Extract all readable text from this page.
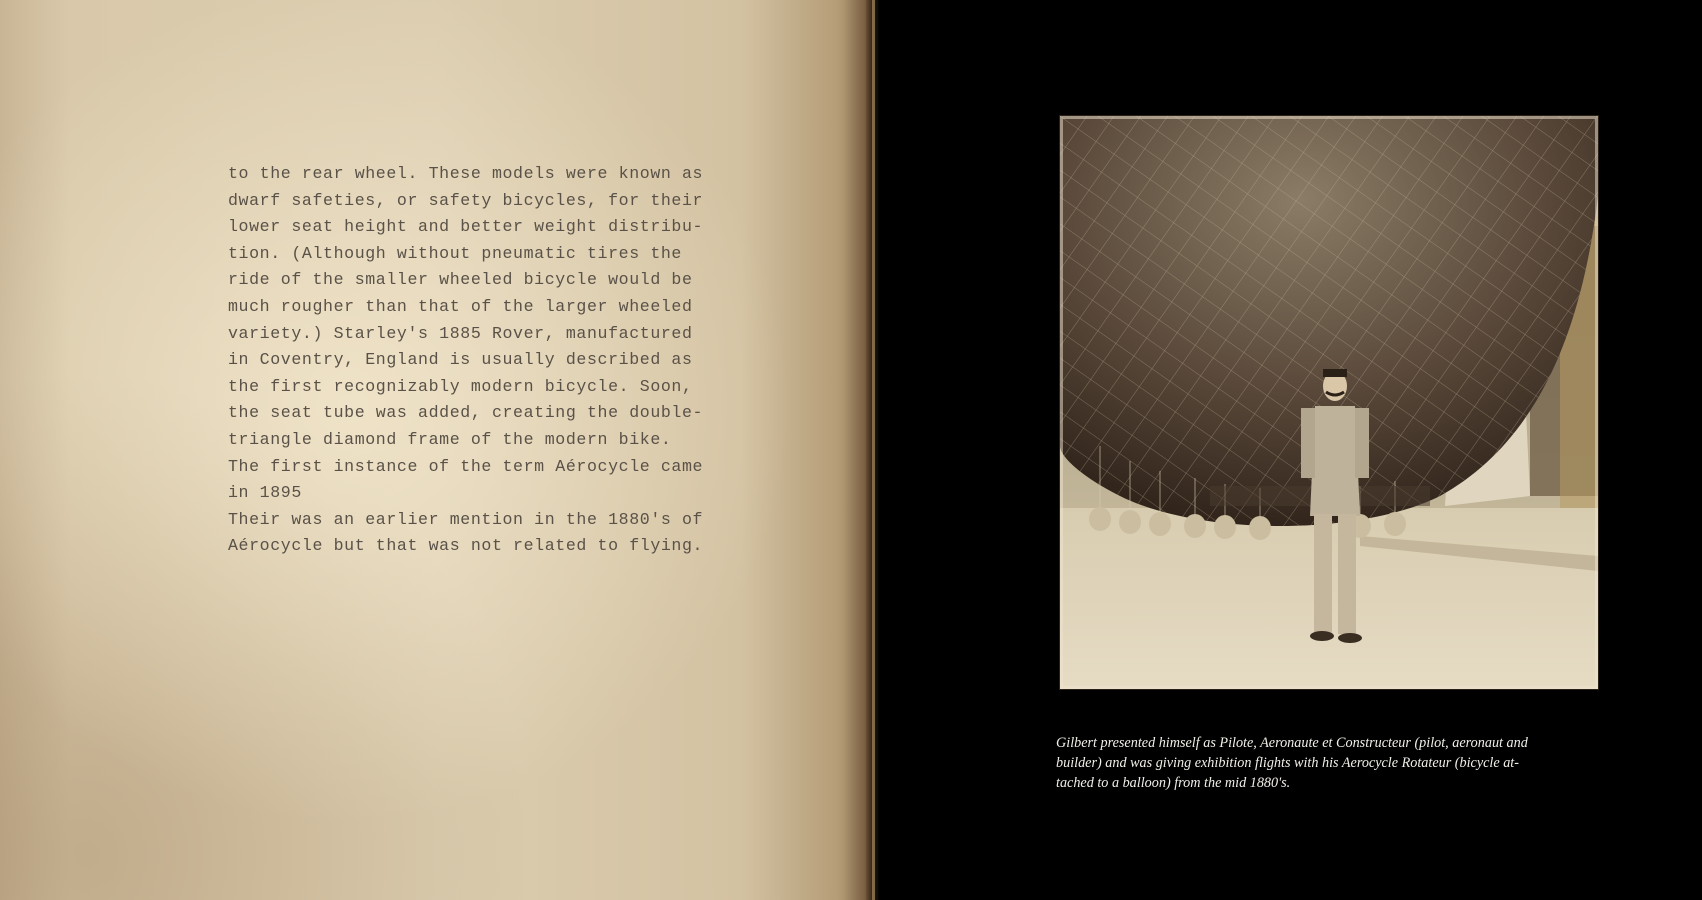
to the rear wheel. These models were known as
dwarf safeties, or safety bicycles, for their
lower seat height and better weight distribu-
tion. (Although without pneumatic tires the
ride of the smaller wheeled bicycle would be
much rougher than that of the larger wheeled
variety.) Starley's 1885 Rover, manufactured
in Coventry, England is usually described as
the first recognizably modern bicycle. Soon,
the seat tube was added, creating the double-
triangle diamond frame of the modern bike.
The first instance of the term Aérocycle came
in 1895
Their was an earlier mention in the 1880's of
Aérocycle but that was not related to flying.
Gilbert presented himself as Pilote, Aeronaute et Constructeur (pilot, aeronaut and
builder) and was giving exhibition flights with his Aerocycle Rotateur (bicycle at-
tached to a balloon) from the mid 1880's.
